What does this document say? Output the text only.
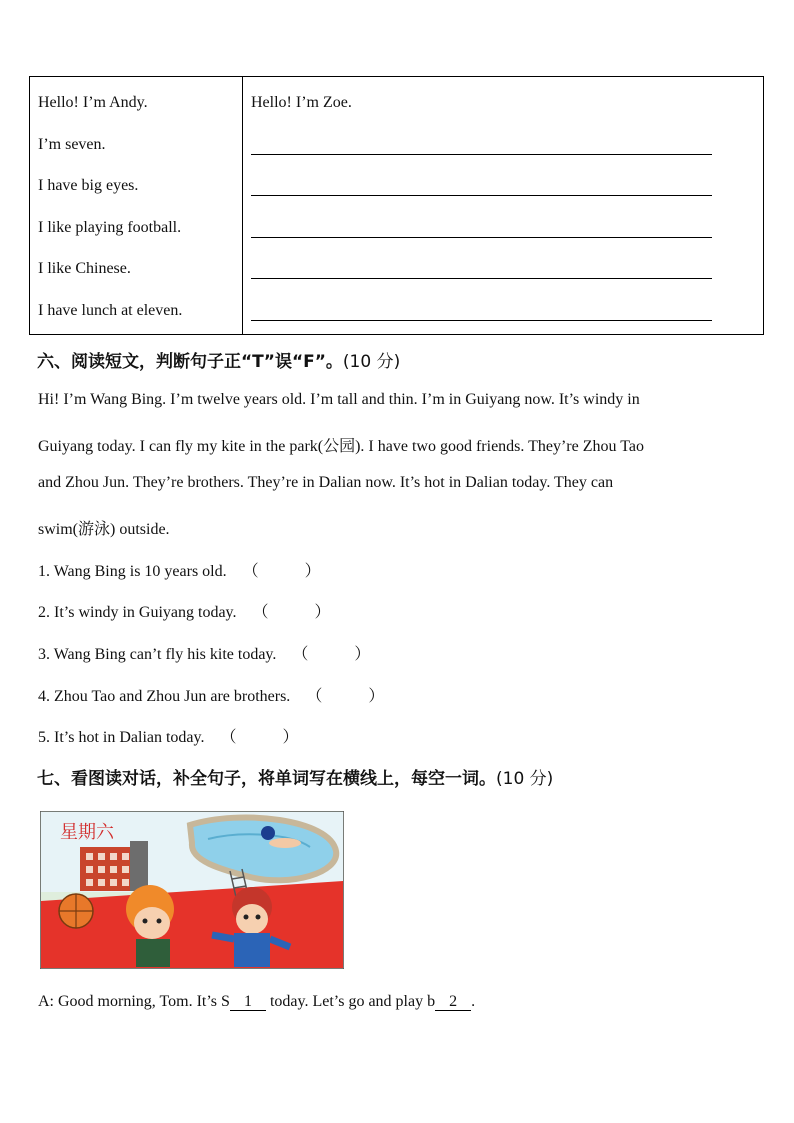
Hello! I’m Andy.
I’m seven.
I have big eyes.
I like playing football.
I like Chinese.
I have lunch at eleven.
Hello! I’m Zoe.
六、阅读短文，判断句子正“T”误“F”。(10 分)
Hi! I’m Wang Bing. I’m twelve years old. I’m tall and thin. I’m in Guiyang now. It’s windy in
Guiyang today. I can fly my kite in the park(公园). I have two good friends. They’re Zhou Tao
and Zhou Jun. They’re brothers. They’re in Dalian now. It’s hot in Dalian today. They can
swim(游泳) outside.
1. Wang Bing is 10 years old. （	）
2. It’s windy in Guiyang today. （	）
3. Wang Bing can’t fly his kite today. （	）
4. Zhou Tao and Zhou Jun are brothers. （	）
5. It’s hot in Dalian today. （	）
七、看图读对话，补全句子，将单词写在横线上，每空一词。(10 分)
星期六
A: Good morning, Tom. It’s S 1 today. Let’s go and play b 2 .
